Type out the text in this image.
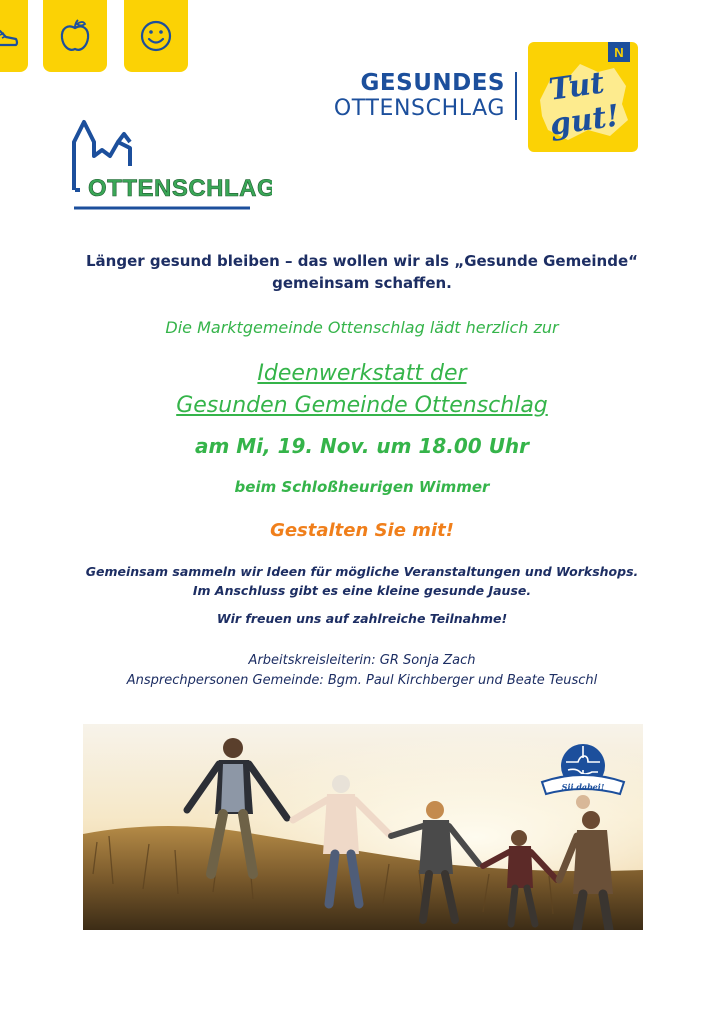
GESUNDES
OTTENSCHLAG
N
Tut
gut!
OTTENSCHLAG
Länger gesund bleiben – das wollen wir als „Gesunde Gemeinde“
gemeinsam schaffen.
Die Marktgemeinde Ottenschlag lädt herzlich zur
Ideenwerkstatt der
Gesunden Gemeinde Ottenschlag
am Mi, 19. Nov. um 18.00 Uhr
beim Schloßheurigen Wimmer
Gestalten Sie mit!
Gemeinsam sammeln wir Ideen für mögliche Veranstaltungen und Workshops.
Im Anschluss gibt es eine kleine gesunde Jause.
Wir freuen uns auf zahlreiche Teilnahme!
Arbeitskreisleiterin: GR Sonja Zach
Ansprechpersonen Gemeinde: Bgm. Paul Kirchberger und Beate Teuschl
Sii dabei!
